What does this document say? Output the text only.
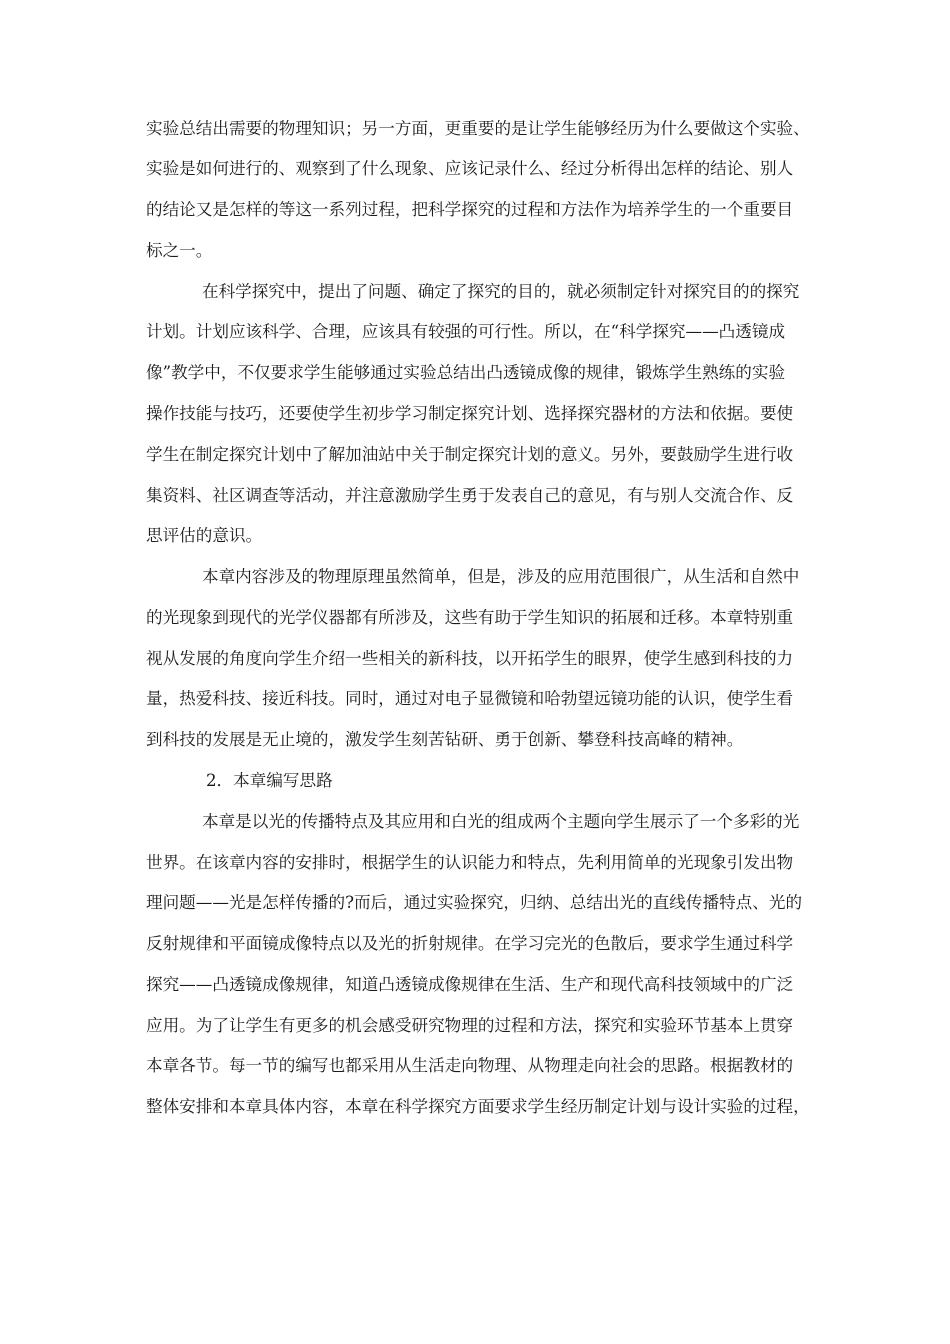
实验总结出需要的物理知识；另一方面，更重要的是让学生能够经历为什么要做这个实验、
实验是如何进行的、观察到了什么现象、应该记录什么、经过分析得出怎样的结论、别人
的结论又是怎样的等这一系列过程，把科学探究的过程和方法作为培养学生的一个重要目
标之一。
在科学探究中，提出了问题、确定了探究的目的，就必须制定针对探究目的的探究
计划。计划应该科学、合理，应该具有较强的可行性。所以，在“科学探究——凸透镜成
像”教学中，不仅要求学生能够通过实验总结出凸透镜成像的规律，锻炼学生熟练的实验
操作技能与技巧，还要使学生初步学习制定探究计划、选择探究器材的方法和依据。要使
学生在制定探究计划中了解加油站中关于制定探究计划的意义。另外，要鼓励学生进行收
集资料、社区调查等活动，并注意激励学生勇于发表自己的意见，有与别人交流合作、反
思评估的意识。
本章内容涉及的物理原理虽然简单，但是，涉及的应用范围很广，从生活和自然中
的光现象到现代的光学仪器都有所涉及，这些有助于学生知识的拓展和迁移。本章特别重
视从发展的角度向学生介绍一些相关的新科技，以开拓学生的眼界，使学生感到科技的力
量，热爱科技、接近科技。同时，通过对电子显微镜和哈勃望远镜功能的认识，使学生看
到科技的发展是无止境的，激发学生刻苦钻研、勇于创新、攀登科技高峰的精神。
2．本章编写思路
本章是以光的传播特点及其应用和白光的组成两个主题向学生展示了一个多彩的光
世界。在该章内容的安排时，根据学生的认识能力和特点，先利用简单的光现象引发出物
理问题——光是怎样传播的?而后，通过实验探究，归纳、总结出光的直线传播特点、光的
反射规律和平面镜成像特点以及光的折射规律。在学习完光的色散后，要求学生通过科学
探究——凸透镜成像规律，知道凸透镜成像规律在生活、生产和现代高科技领域中的广泛
应用。为了让学生有更多的机会感受研究物理的过程和方法，探究和实验环节基本上贯穿
本章各节。每一节的编写也都采用从生活走向物理、从物理走向社会的思路。根据教材的
整体安排和本章具体内容，本章在科学探究方面要求学生经历制定计划与设计实验的过程，
